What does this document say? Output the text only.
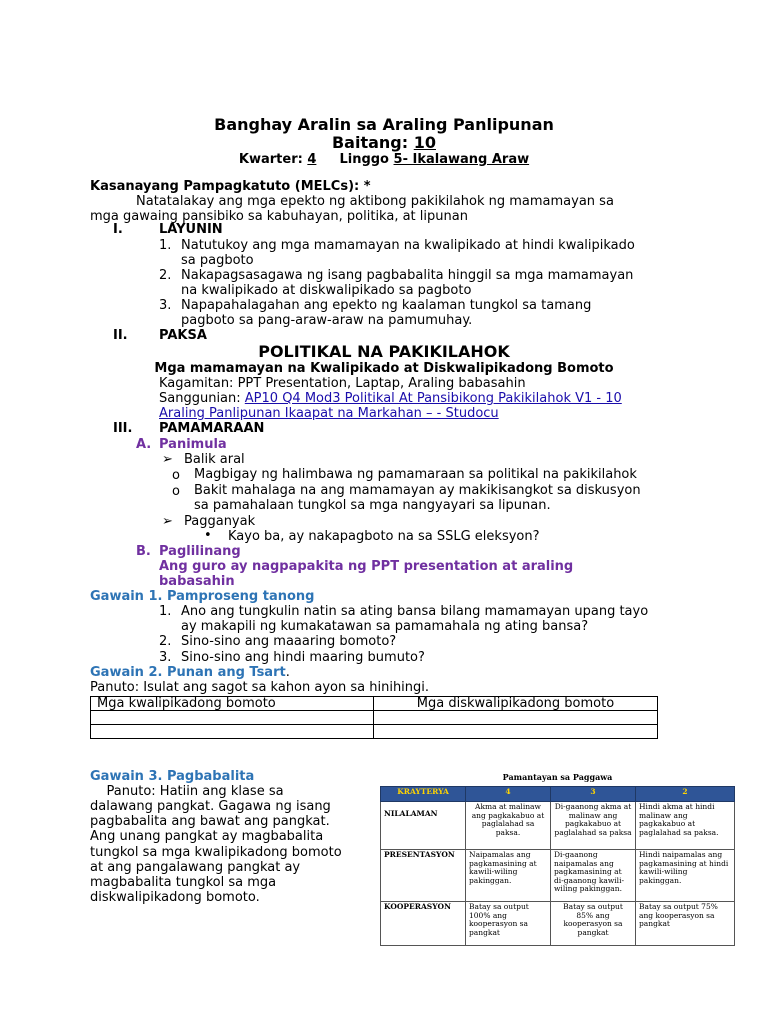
Banghay Aralin sa Araling Panlipunan
Baitang: 10
Kwarter: 4 Linggo 5- Ikalawang Araw
Kasanayang Pampagkatuto (MELCs): *
Natatalakay ang mga epekto ng aktibong pakikilahok ng mamamayan sa
mga gawaing pansibiko sa kabuhayan, politika, at lipunan
I.	LAYUNIN
1. Natutukoy ang mga mamamayan na kwalipikado at hindi kwalipikado
sa pagboto
2. Nakapagsasagawa ng isang pagbabalita hinggil sa mga mamamayan
na kwalipikado at diskwalipikado sa pagboto
3. Napapahalagahan ang epekto ng kaalaman tungkol sa tamang
pagboto sa pang-araw-araw na pamumuhay.
II. PAKSA
POLITIKAL NA PAKIKILAHOK
Mga mamamayan na Kwalipikado at Diskwalipikadong Bomoto
Kagamitan: PPT Presentation, Laptap, Araling babasahin
Sanggunian: AP10 Q4 Mod3 Politikal At Pansibikong Pakikilahok V1 - 10
Araling Panlipunan Ikaapat na Markahan – - Studocu
III. PAMAMARAAN
A. Panimula
➢ Balik aral
o Magbigay ng halimbawa ng pamamaraan sa politikal na pakikilahok
o Bakit mahalaga na ang mamamayan ay makikisangkot sa diskusyon
sa pamahalaan tungkol sa mga nangyayari sa lipunan.
➢ Pagganyak
• Kayo ba, ay nakapagboto na sa SSLG eleksyon?
B. Paglilinang
Ang guro ay nagpapakita ng PPT presentation at araling
babasahin
Gawain 1. Pamproseng tanong
1. Ano ang tungkulin natin sa ating bansa bilang mamamayan upang tayo
ay makapili ng kumakatawan sa pamamahala ng ating bansa?
2. Sino-sino ang maaaring bomoto?
3. Sino-sino ang hindi maaring bumuto?
Gawain 2. Punan ang Tsart.
Panuto: Isulat ang sagot sa kahon ayon sa hinihingi.
Mga kwalipikadong bomoto	Mga diskwalipikadong bomoto

Gawain 3. Pagbabalita
Panuto: Hatiin ang klase sa
dalawang pangkat. Gagawa ng isang
pagbabalita ang bawat ang pangkat.
Ang unang pangkat ay magbabalita
tungkol sa mga kwalipikadong bomoto
at ang pangalawang pangkat ay
magbabalita tungkol sa mga
diskwalipikadong bomoto.
Pamantayan sa Paggawa
KRAYTERYA	4	3	2
NILALAMAN	Akma at malinaw ang pagkakabuo at paglalahad sa paksa.	Di-gaanong akma at malinaw ang pagkakabuo at paglalahad sa paksa	Hindi akma at hindi malinaw ang pagkakabuo at paglalahad sa paksa.
PRESENTASYON	Naipamalas ang pagkamasining at kawili-wiling pakinggan.	Di-gaanong naipamalas ang pagkamasining at di-gaanong kawili-wiling pakinggan.	Hindi naipamalas ang pagkamasining at hindi kawili-wiling pakinggan.
KOOPERASYON	Batay sa output 100% ang kooperasyon sa pangkat	Batay sa output 85% ang kooperasyon sa pangkat	Batay sa output 75% ang kooperasyon sa pangkat
